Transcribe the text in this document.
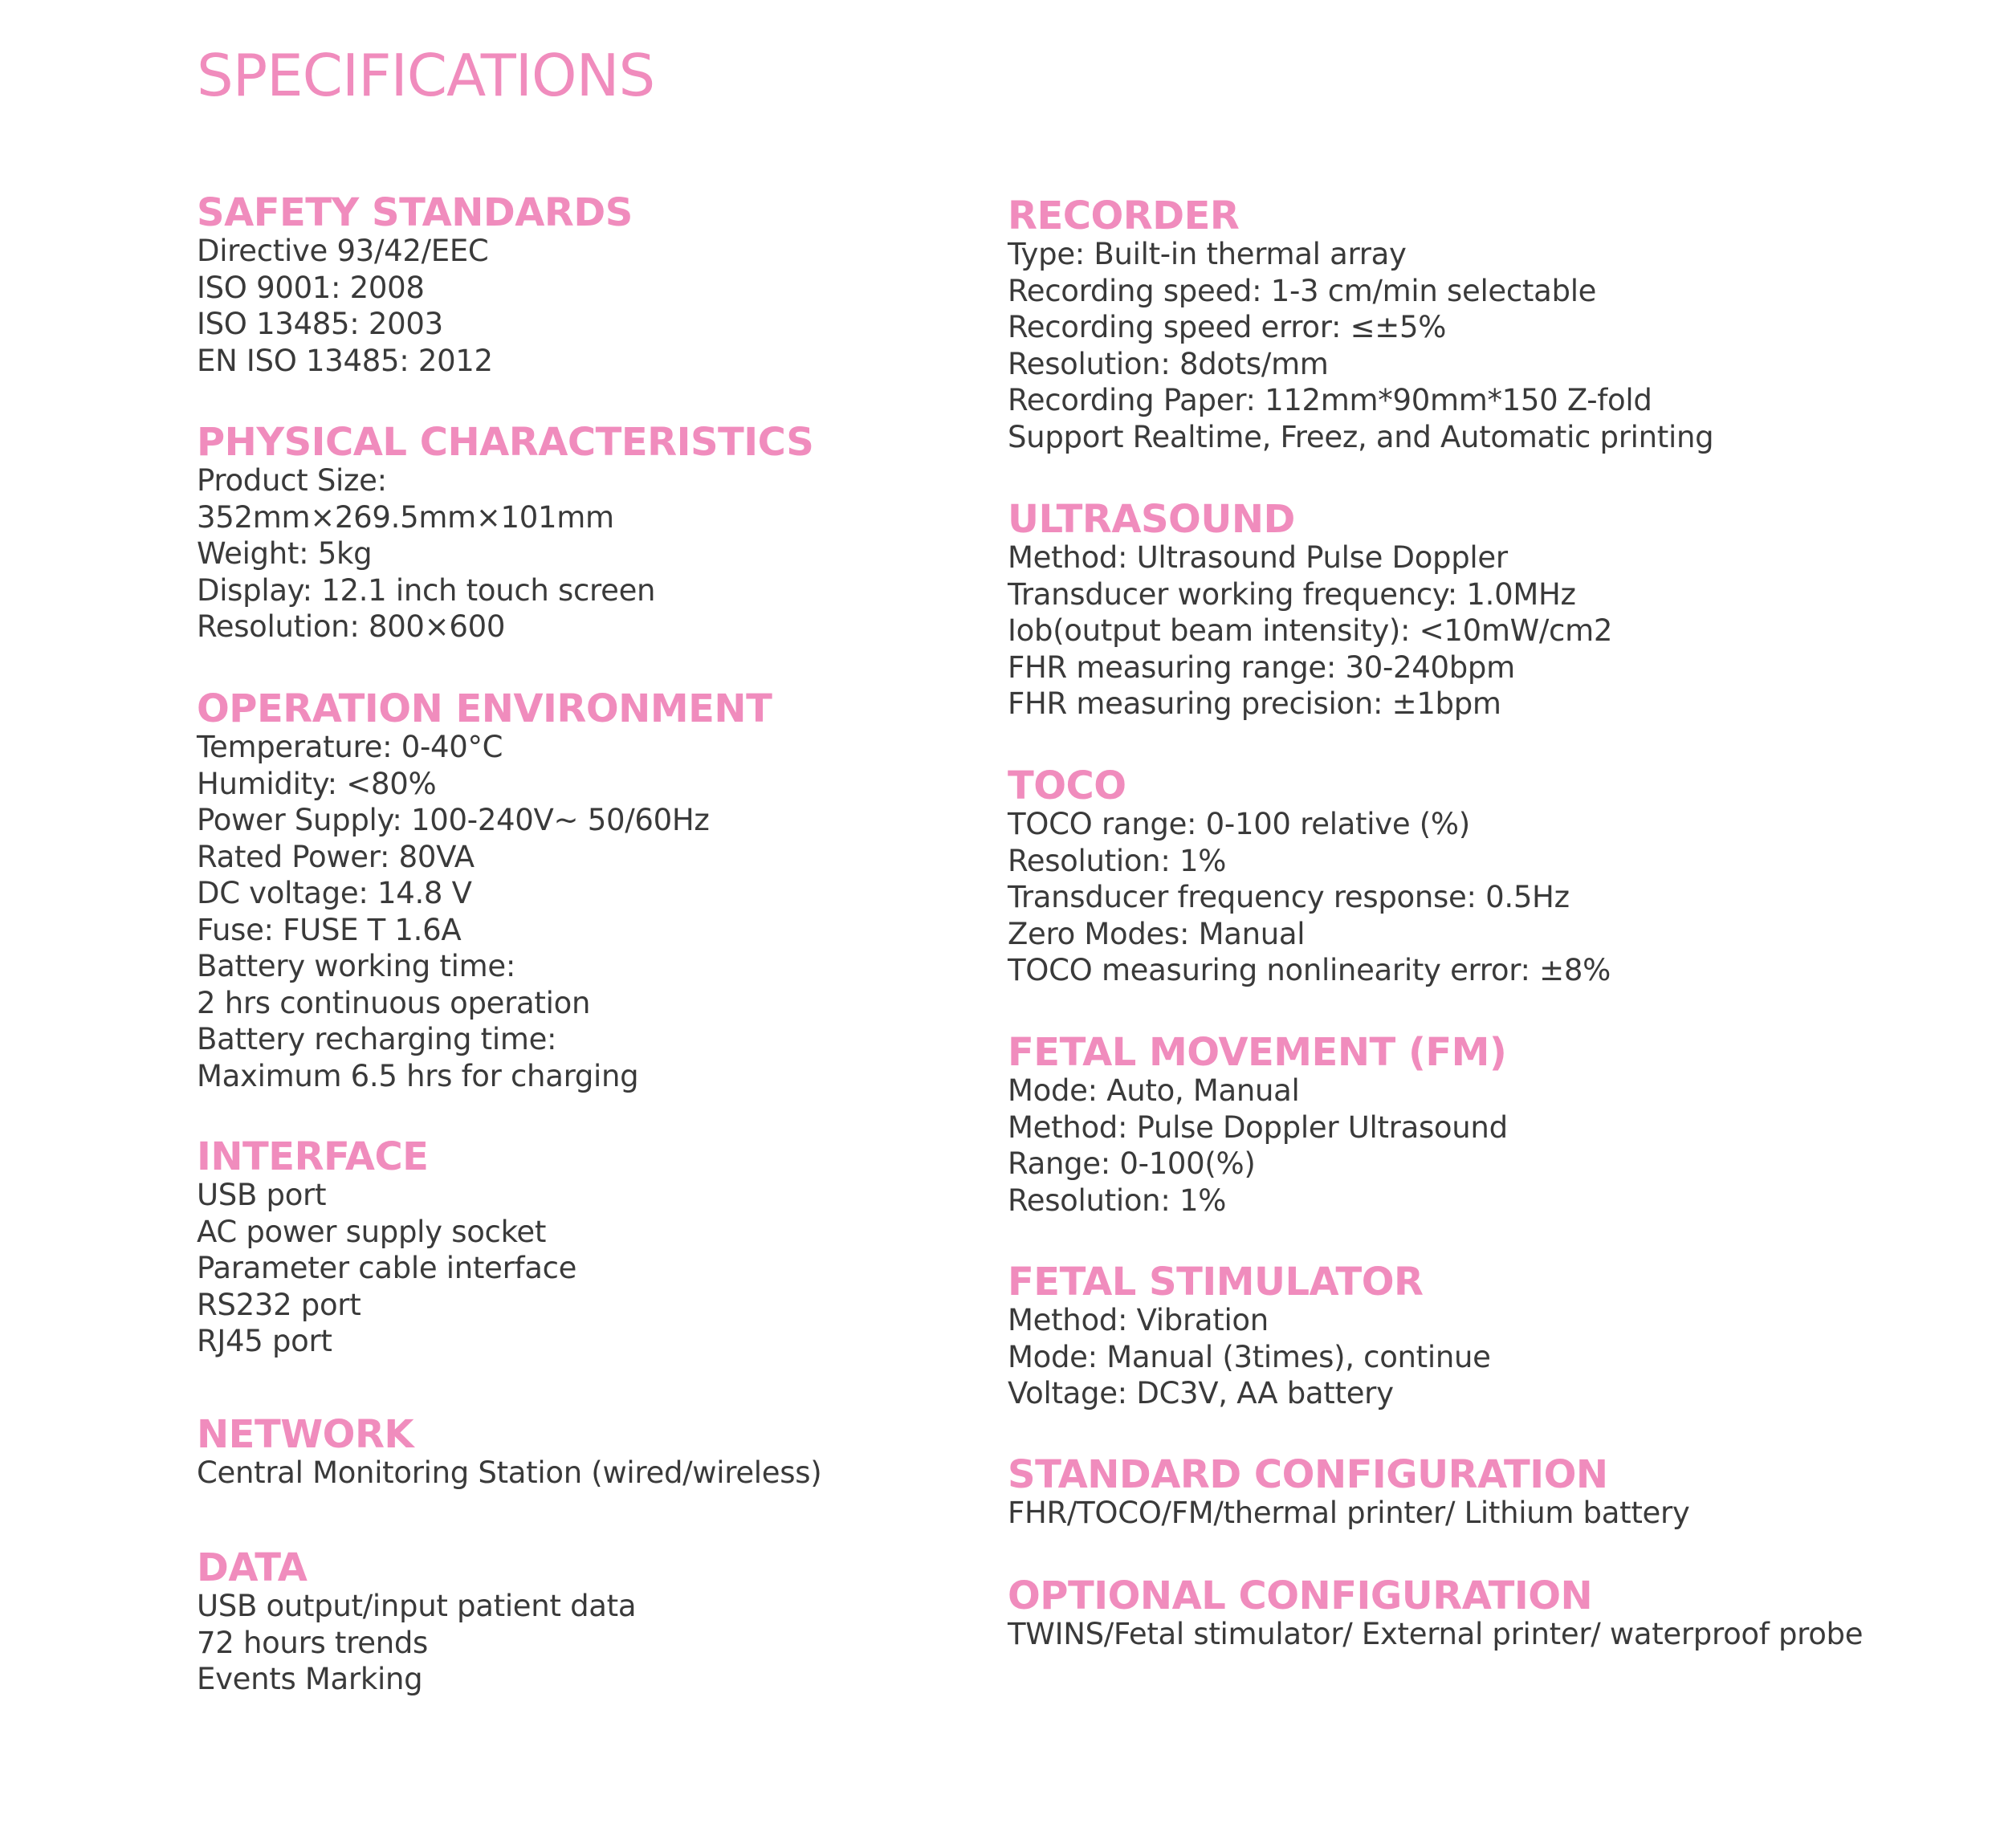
SPECIFICATIONS
SAFETY STANDARDS
Directive 93/42/EEC
ISO 9001: 2008
ISO 13485: 2003
EN ISO 13485: 2012
PHYSICAL CHARACTERISTICS
Product Size:
352mm×269.5mm×101mm
Weight: 5kg
Display: 12.1 inch touch screen
Resolution: 800×600
OPERATION ENVIRONMENT
Temperature: 0-40°C
Humidity: <80%
Power Supply: 100-240V~ 50/60Hz
Rated Power: 80VA
DC voltage: 14.8 V
Fuse: FUSE T 1.6A
Battery working time:
2 hrs continuous operation
Battery recharging time:
Maximum 6.5 hrs for charging
INTERFACE
USB port
AC power supply socket
Parameter cable interface
RS232 port
RJ45 port
NETWORK
Central Monitoring Station (wired/wireless)
DATA
USB output/input patient data
72 hours trends
Events Marking
RECORDER
Type: Built-in thermal array
Recording speed: 1-3 cm/min selectable
Recording speed error: ≤±5%
Resolution: 8dots/mm
Recording Paper: 112mm*90mm*150 Z-fold
Support Realtime, Freez, and Automatic printing
ULTRASOUND
Method: Ultrasound Pulse Doppler
Transducer working frequency: 1.0MHz
Iob(output beam intensity): <10mW/cm2
FHR measuring range: 30-240bpm
FHR measuring precision: ±1bpm
TOCO
TOCO range: 0-100 relative (%)
Resolution: 1%
Transducer frequency response: 0.5Hz
Zero Modes: Manual
TOCO measuring nonlinearity error: ±8%
FETAL MOVEMENT (FM)
Mode: Auto, Manual
Method: Pulse Doppler Ultrasound
Range: 0-100(%)
Resolution: 1%
FETAL STIMULATOR
Method: Vibration
Mode: Manual (3times), continue
Voltage: DC3V, AA battery
STANDARD CONFIGURATION
FHR/TOCO/FM/thermal printer/ Lithium battery
OPTIONAL CONFIGURATION
TWINS/Fetal stimulator/ External printer/ waterproof probe
